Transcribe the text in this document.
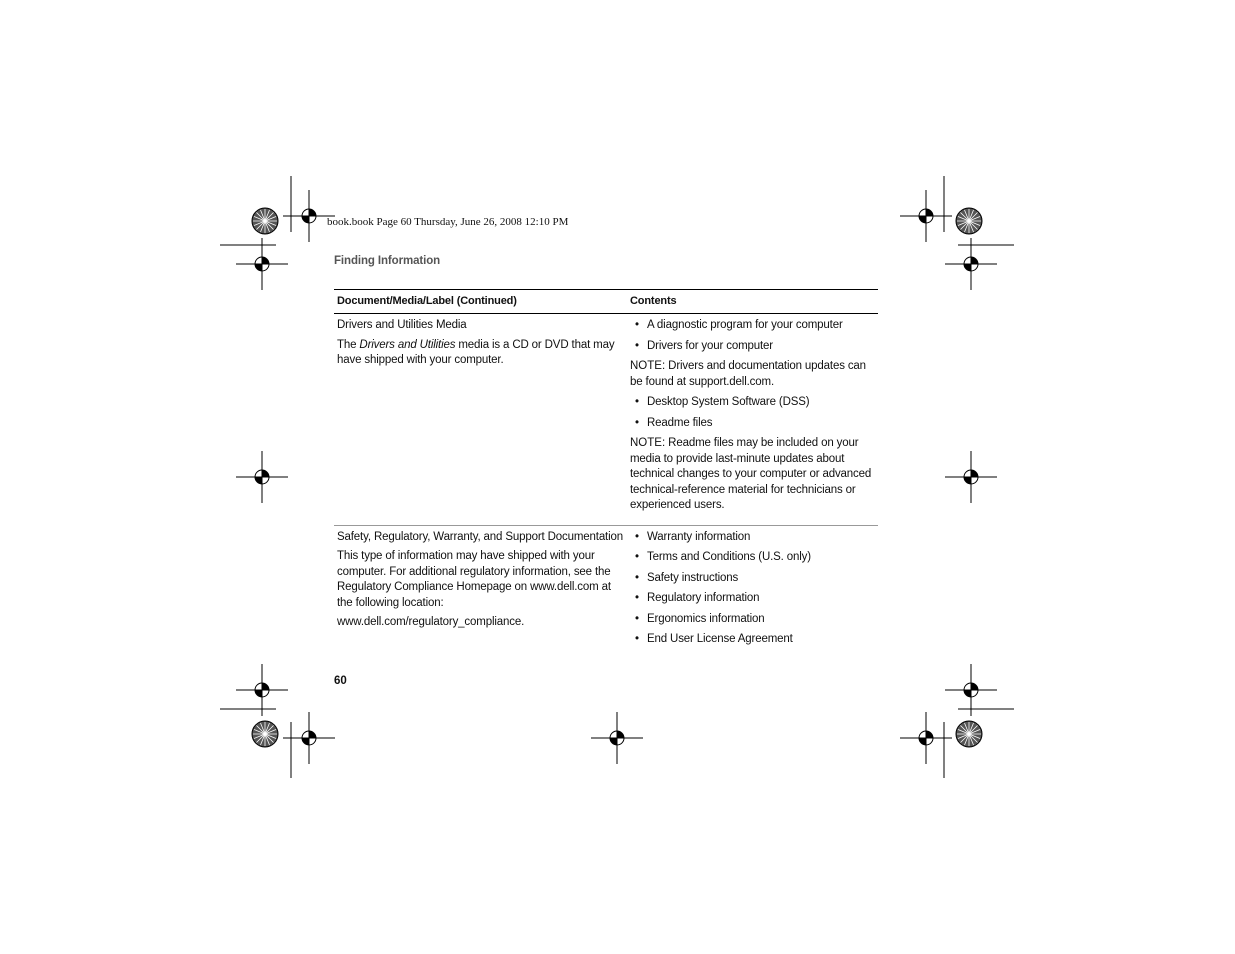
book.book Page 60 Thursday, June 26, 2008 12:10 PM
Finding Information
Document/Media/Label (Continued)	Contents
Drivers and Utilities Media
The Drivers and Utilities media is a CD or DVD that may have shipped with your computer.
• A diagnostic program for your computer
• Drivers for your computer
NOTE: Drivers and documentation updates can be found at support.dell.com.
• Desktop System Software (DSS)
• Readme files
NOTE: Readme files may be included on your media to provide last-minute updates about technical changes to your computer or advanced technical-reference material for technicians or experienced users.
Safety, Regulatory, Warranty, and Support Documentation
This type of information may have shipped with your computer. For additional regulatory information, see the Regulatory Compliance Homepage on www.dell.com at the following location:
www.dell.com/regulatory_compliance.
• Warranty information
• Terms and Conditions (U.S. only)
• Safety instructions
• Regulatory information
• Ergonomics information
• End User License Agreement
60
